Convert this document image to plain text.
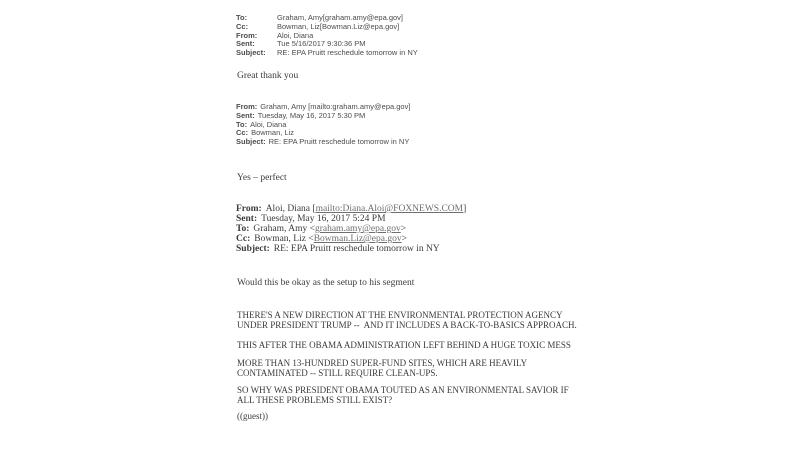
To:	Graham, Amy[graham.amy@epa.gov]
Cc:	Bowman, Liz[Bowman.Liz@epa.gov]
From:	Aloi, Diana
Sent:	Tue 5/16/2017 9:30:36 PM
Subject:	RE: EPA Pruitt reschedule tomorrow in NY
Great thank you
From: Graham, Amy [mailto:graham.amy@epa.gov]
Sent: Tuesday, May 16, 2017 5:30 PM
To: Aloi, Diana
Cc: Bowman, Liz
Subject: RE: EPA Pruitt reschedule tomorrow in NY
Yes – perfect
From: Aloi, Diana [mailto:Diana.Aloi@FOXNEWS.COM]
Sent: Tuesday, May 16, 2017 5:24 PM
To: Graham, Amy <graham.amy@epa.gov>
Cc: Bowman, Liz <Bowman.Liz@epa.gov>
Subject: RE: EPA Pruitt reschedule tomorrow in NY
Would this be okay as the setup to his segment
THERE'S A NEW DIRECTION AT THE ENVIRONMENTAL PROTECTION AGENCY
UNDER PRESIDENT TRUMP --  AND IT INCLUDES A BACK-TO-BASICS APPROACH.
THIS AFTER THE OBAMA ADMINISTRATION LEFT BEHIND A HUGE TOXIC MESS
MORE THAN 13-HUNDRED SUPER-FUND SITES, WHICH ARE HEAVILY
CONTAMINATED -- STILL REQUIRE CLEAN-UPS.
SO WHY WAS PRESIDENT OBAMA TOUTED AS AN ENVIRONMENTAL SAVIOR IF
ALL THESE PROBLEMS STILL EXIST?
((guest))
